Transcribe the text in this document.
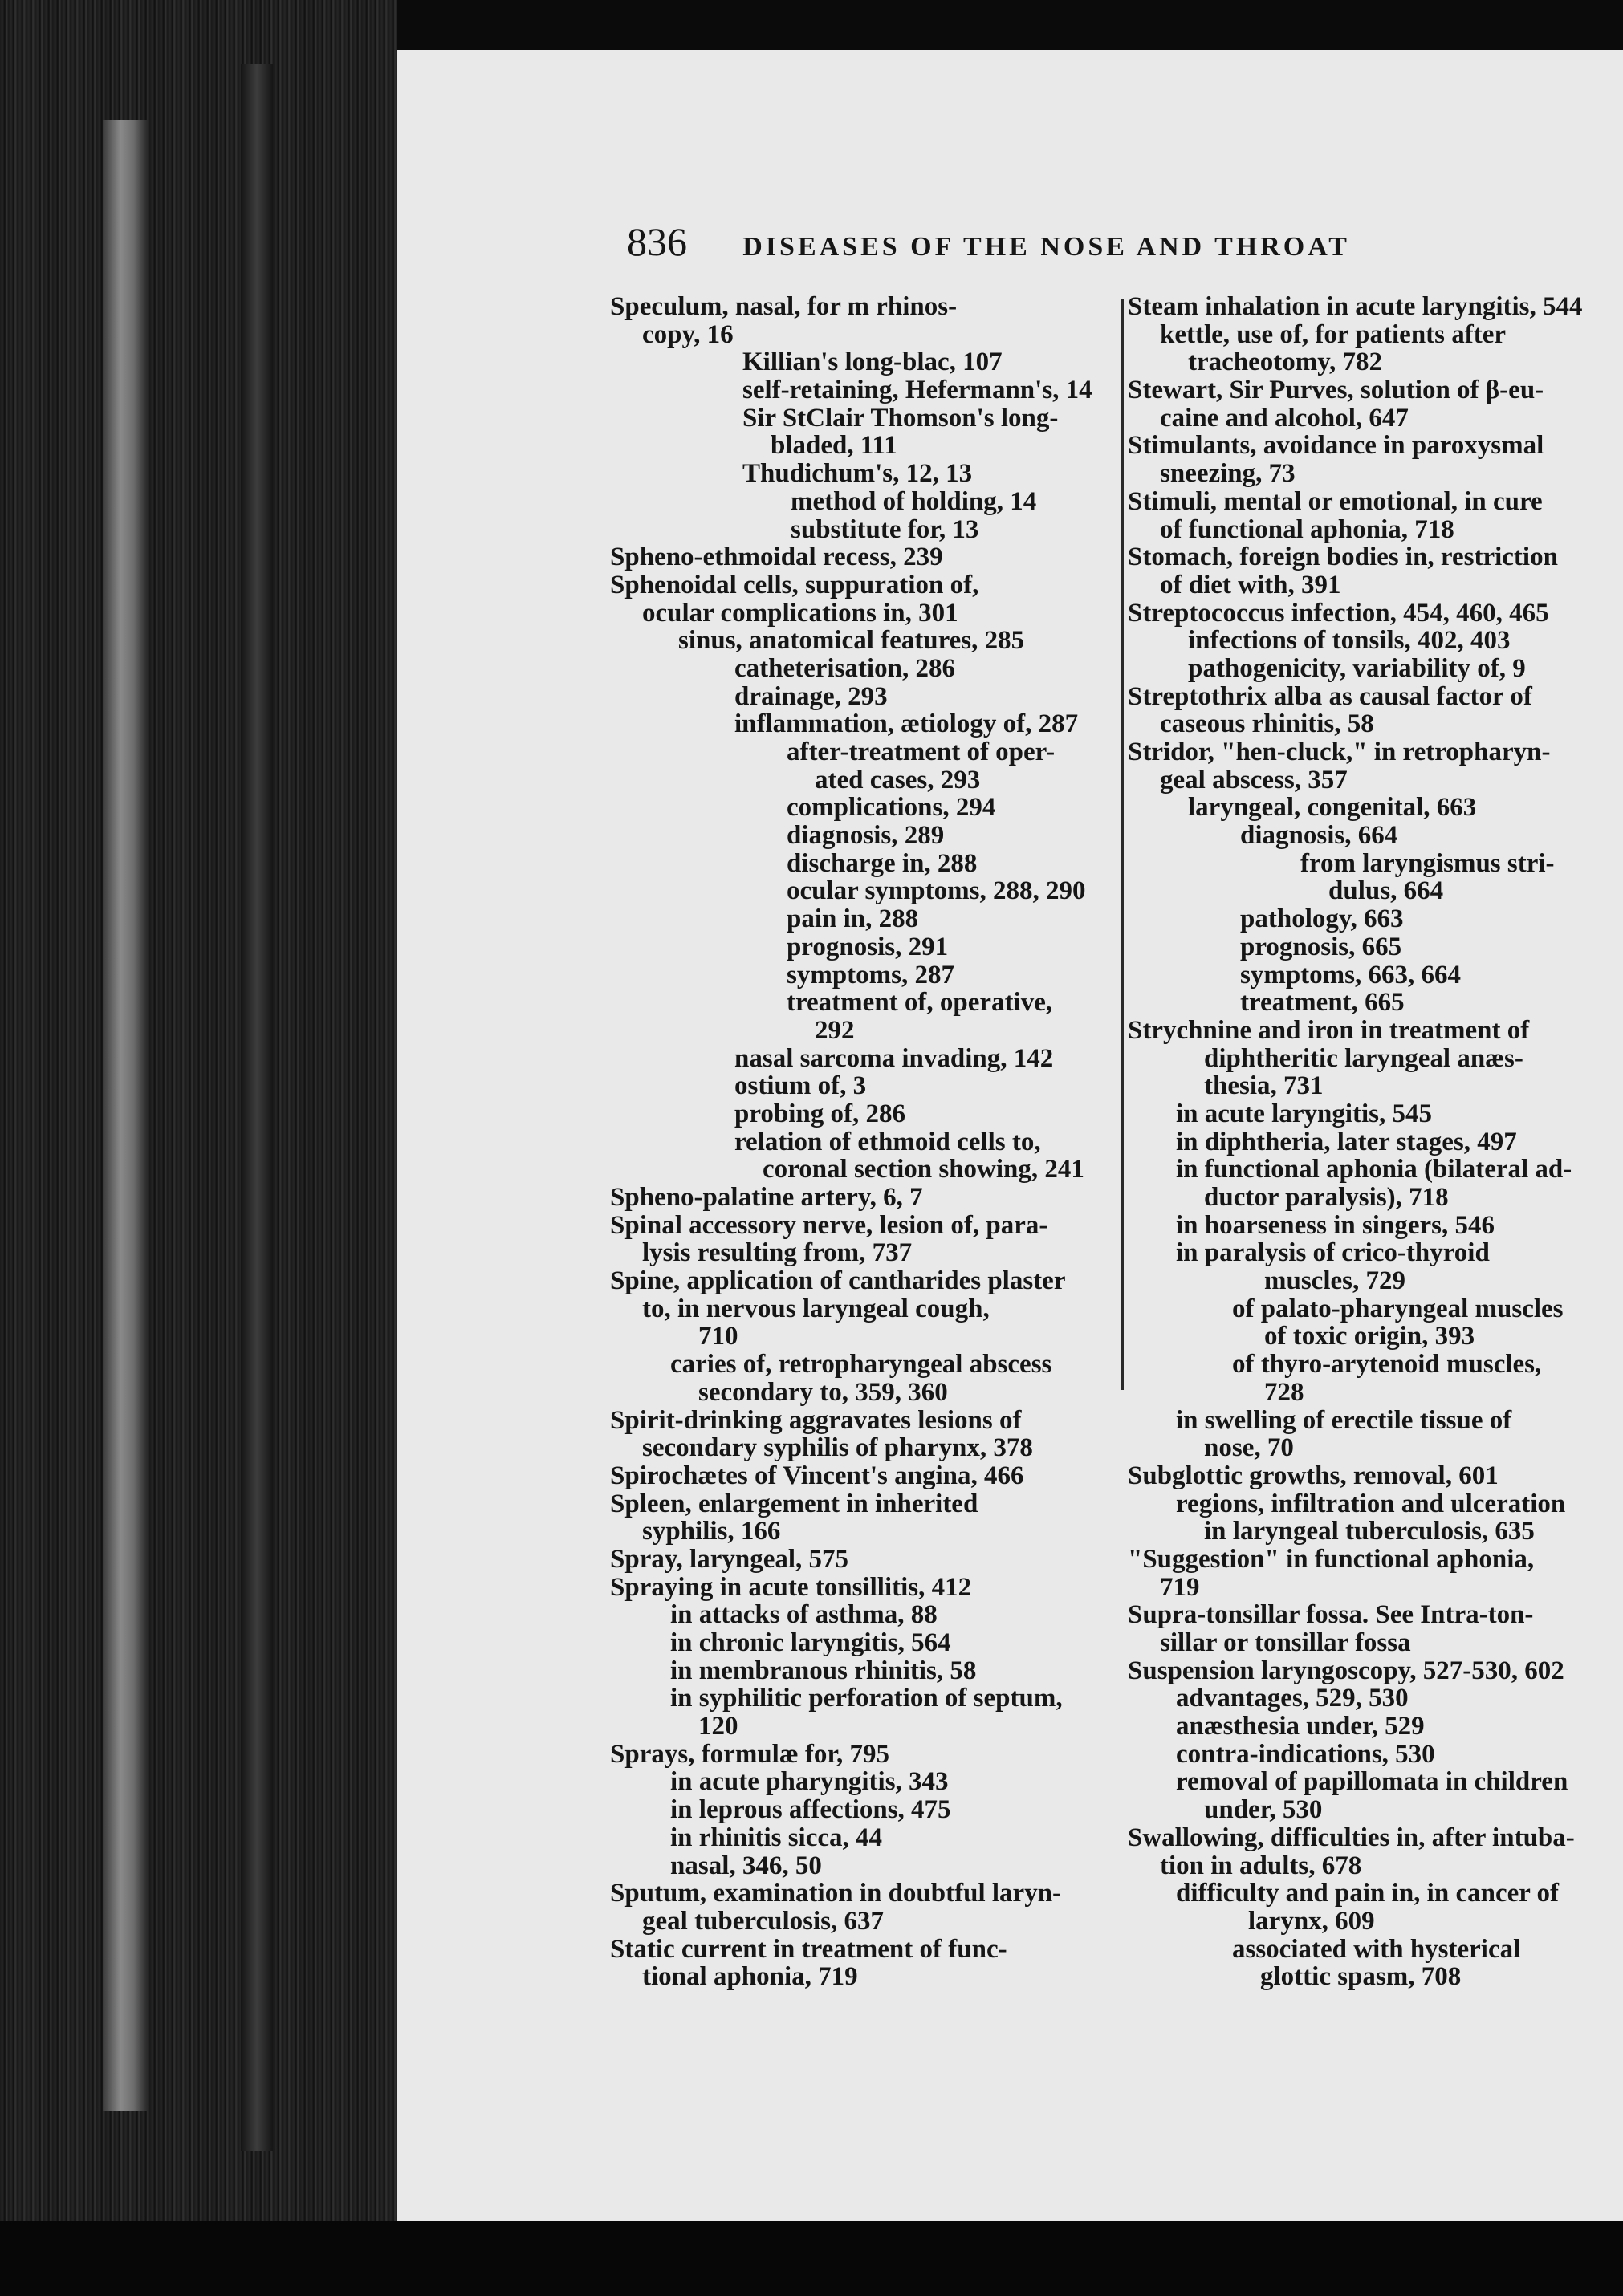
836 DISEASES OF THE NOSE AND THROAT
Speculum, nasal, for m rhinos-
copy, 16
Killian's long-blac, 107
self-retaining, Hefermann's, 14
Sir StClair Thomson's long-
bladed, 111
Thudichum's, 12, 13
method of holding, 14
substitute for, 13
Spheno-ethmoidal recess, 239
Sphenoidal cells, suppuration of,
ocular complications in, 301
sinus, anatomical features, 285
catheterisation, 286
drainage, 293
inflammation, ætiology of, 287
after-treatment of oper-
ated cases, 293
complications, 294
diagnosis, 289
discharge in, 288
ocular symptoms, 288, 290
pain in, 288
prognosis, 291
symptoms, 287
treatment of, operative,
292
nasal sarcoma invading, 142
ostium of, 3
probing of, 286
relation of ethmoid cells to,
coronal section showing, 241
Spheno-palatine artery, 6, 7
Spinal accessory nerve, lesion of, para-
lysis resulting from, 737
Spine, application of cantharides plaster
to, in nervous laryngeal cough,
710
caries of, retropharyngeal abscess
secondary to, 359, 360
Spirit-drinking aggravates lesions of
secondary syphilis of pharynx, 378
Spirochætes of Vincent's angina, 466
Spleen, enlargement in inherited
syphilis, 166
Spray, laryngeal, 575
Spraying in acute tonsillitis, 412
in attacks of asthma, 88
in chronic laryngitis, 564
in membranous rhinitis, 58
in syphilitic perforation of septum,
120
Sprays, formulæ for, 795
in acute pharyngitis, 343
in leprous affections, 475
in rhinitis sicca, 44
nasal, 346, 50
Sputum, examination in doubtful laryn-
geal tuberculosis, 637
Static current in treatment of func-
tional aphonia, 719
Steam inhalation in acute laryngitis, 544
kettle, use of, for patients after
tracheotomy, 782
Stewart, Sir Purves, solution of β-eu-
caine and alcohol, 647
Stimulants, avoidance in paroxysmal
sneezing, 73
Stimuli, mental or emotional, in cure
of functional aphonia, 718
Stomach, foreign bodies in, restriction
of diet with, 391
Streptococcus infection, 454, 460, 465
infections of tonsils, 402, 403
pathogenicity, variability of, 9
Streptothrix alba as causal factor of
caseous rhinitis, 58
Stridor, "hen-cluck," in retropharyn-
geal abscess, 357
laryngeal, congenital, 663
diagnosis, 664
from laryngismus stri-
dulus, 664
pathology, 663
prognosis, 665
symptoms, 663, 664
treatment, 665
Strychnine and iron in treatment of
diphtheritic laryngeal anæs-
thesia, 731
in acute laryngitis, 545
in diphtheria, later stages, 497
in functional aphonia (bilateral ad-
ductor paralysis), 718
in hoarseness in singers, 546
in paralysis of crico-thyroid
muscles, 729
of palato-pharyngeal muscles
of toxic origin, 393
of thyro-arytenoid muscles,
728
in swelling of erectile tissue of
nose, 70
Subglottic growths, removal, 601
regions, infiltration and ulceration
in laryngeal tuberculosis, 635
"Suggestion" in functional aphonia,
719
Supra-tonsillar fossa. See Intra-ton-
sillar or tonsillar fossa
Suspension laryngoscopy, 527-530, 602
advantages, 529, 530
anæsthesia under, 529
contra-indications, 530
removal of papillomata in children
under, 530
Swallowing, difficulties in, after intuba-
tion in adults, 678
difficulty and pain in, in cancer of
larynx, 609
associated with hysterical
glottic spasm, 708
